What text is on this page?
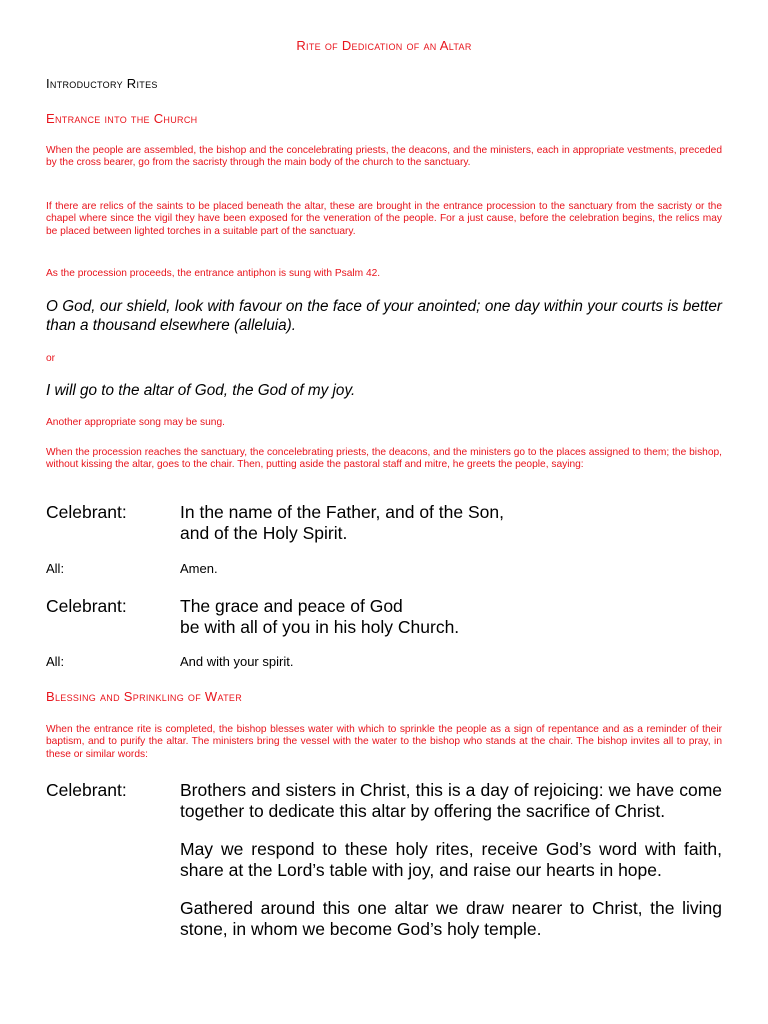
Rite of Dedication of an Altar
Introductory Rites
Entrance into the Church
When the people are assembled, the bishop and the concelebrating priests, the deacons, and the ministers, each in appropriate vestments, preceded by the cross bearer, go from the sacristy through the main body of the church to the sanctuary.
If there are relics of the saints to be placed beneath the altar, these are brought in the entrance procession to the sanctuary from the sacristy or the chapel where since the vigil they have been exposed for the veneration of the people. For a just cause, before the celebration begins, the relics may be placed between lighted torches in a suitable part of the sanctuary.
As the procession proceeds, the entrance antiphon is sung with Psalm 42.
O God, our shield, look with favour on the face of your anointed; one day within your courts is better than a thousand elsewhere (alleluia).
or
I will go to the altar of God, the God of my joy.
Another appropriate song may be sung.
When the procession reaches the sanctuary, the concelebrating priests, the deacons, and the ministers go to the places assigned to them; the bishop, without kissing the altar, goes to the chair. Then, putting aside the pastoral staff and mitre, he greets the people, saying:
Celebrant:	In the name of the Father, and of the Son,
and of the Holy Spirit.
All:	Amen.
Celebrant:	The grace and peace of God
be with all of you in his holy Church.
All:	And with your spirit.
Blessing and Sprinkling of Water
When the entrance rite is completed, the bishop blesses water with which to sprinkle the people as a sign of repentance and as a reminder of their baptism, and to purify the altar. The ministers bring the vessel with the water to the bishop who stands at the chair. The bishop invites all to pray, in these or similar words:
Celebrant:	Brothers and sisters in Christ, this is a day of rejoicing: we have come together to dedicate this altar by offering the sacrifice of Christ.

May we respond to these holy rites, receive God’s word with faith, share at the Lord’s table with joy, and raise our hearts in hope.

Gathered around this one altar we draw nearer to Christ, the living stone, in whom we become God’s holy temple.
